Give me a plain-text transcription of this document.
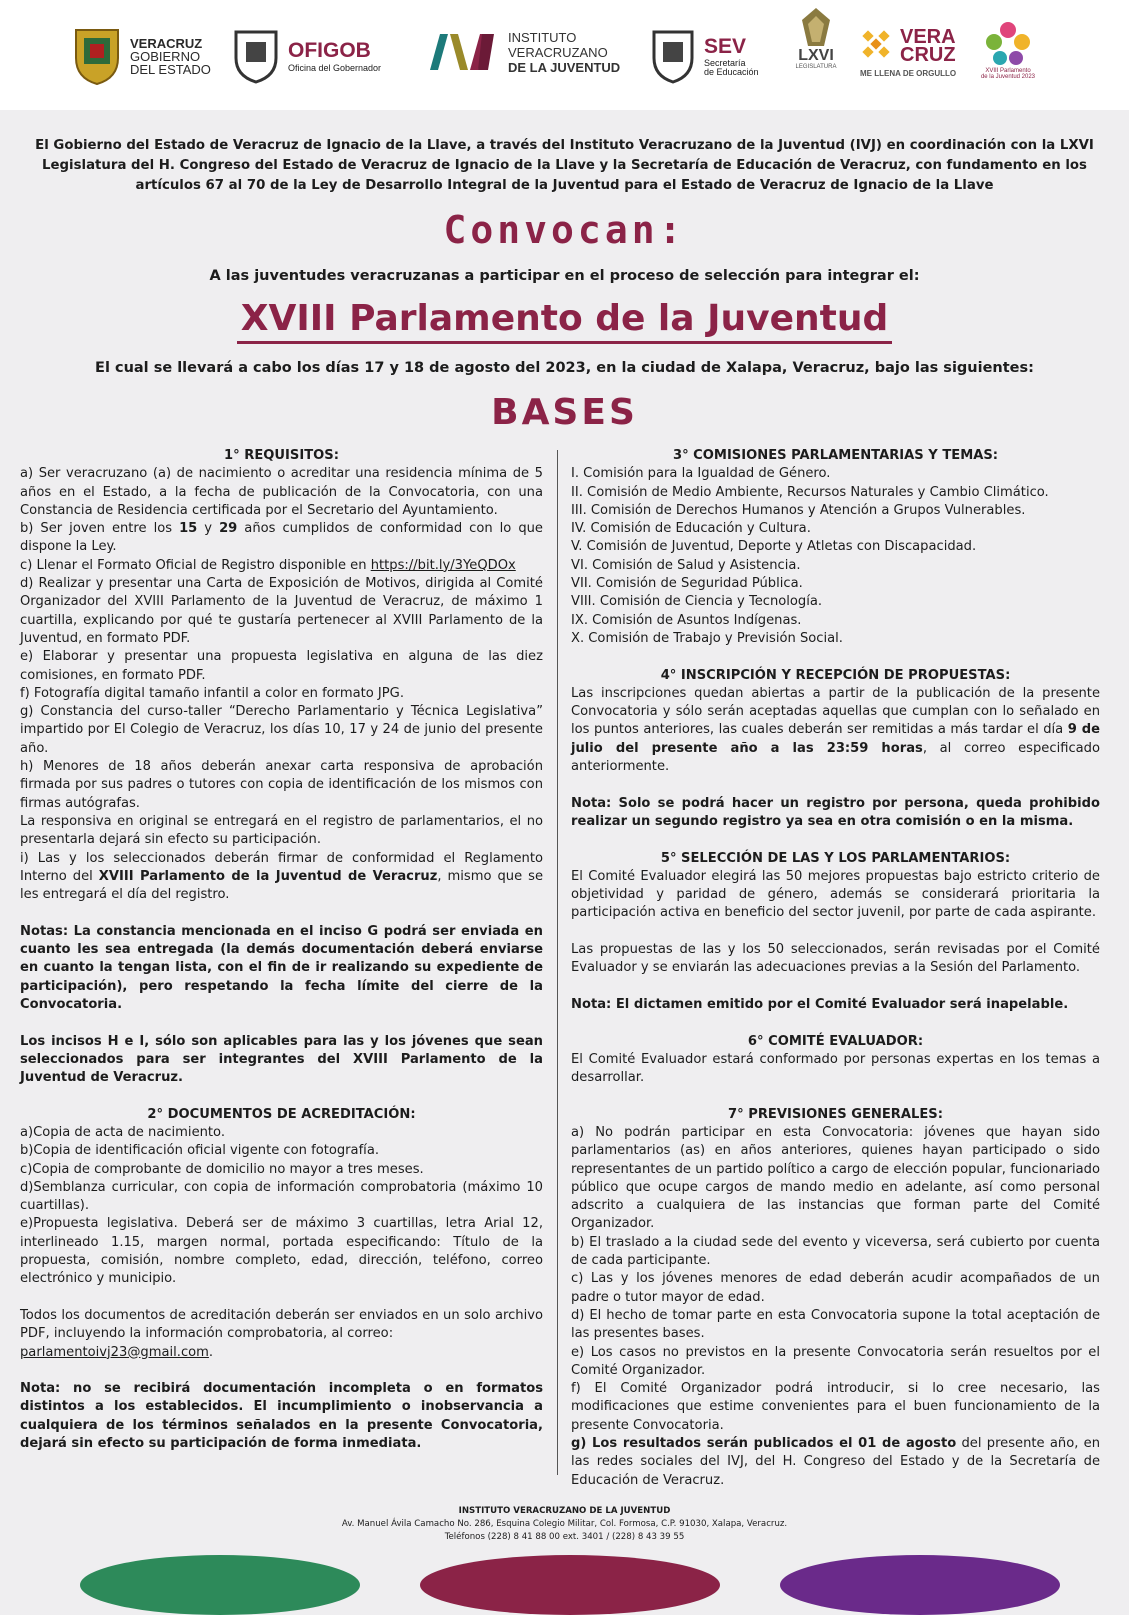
VERACRUZ
GOBIERNO
DEL ESTADO
OFIGOB
Oficina del Gobernador
INSTITUTO
VERACRUZANO
DE LA JUVENTUD
SEV
Secretaría
de Educación
LXVI
LEGISLATURA
VERA
CRUZ
ME LLENA DE ORGULLO	XVIII Parlamento
de la Juventud 2023
El Gobierno del Estado de Veracruz de Ignacio de la Llave, a través del Instituto Veracruzano de la Juventud (IVJ) en coordinación con la LXVI Legislatura del H. Congreso del Estado de Veracruz de Ignacio de la Llave y la Secretaría de Educación de Veracruz, con fundamento en los artículos 67 al 70 de la Ley de Desarrollo Integral de la Juventud para el Estado de Veracruz de Ignacio de la Llave
Convocan:
A las juventudes veracruzanas a participar en el proceso de selección para integrar el:
XVIII Parlamento de la Juventud
El cual se llevará a cabo los días 17 y 18 de agosto del 2023, en la ciudad de Xalapa, Veracruz, bajo las siguientes:
BASES

1° REQUISITOS:

a) Ser veracruzano (a) de nacimiento o acreditar una residencia mínima de 5 años en el Estado, a la fecha de publicación de la Convocatoria, con una Constancia de Residencia certificada por el Secretario del Ayuntamiento.

b) Ser joven entre los 15 y 29 años cumplidos de conformidad con lo que dispone la Ley.

c) Llenar el Formato Oficial de Registro disponible en https://bit.ly/3YeQDOx

d) Realizar y presentar una Carta de Exposición de Motivos, dirigida al Comité Organizador del XVIII Parlamento de la Juventud de Veracruz, de máximo 1 cuartilla, explicando por qué te gustaría pertenecer al XVIII Parlamento de la Juventud, en formato PDF.

e) Elaborar y presentar una propuesta legislativa en alguna de las diez comisiones, en formato PDF.

f) Fotografía digital tamaño infantil a color en formato JPG.

g) Constancia del curso-taller “Derecho Parlamentario y Técnica Legislativa” impartido por El Colegio de Veracruz, los días 10, 17 y 24 de junio del presente año.

h) Menores de 18 años deberán anexar carta responsiva de aprobación firmada por sus padres o tutores con copia de identificación de los mismos con firmas autógrafas.

La responsiva en original se entregará en el registro de parlamentarios, el no presentarla dejará sin efecto su participación.

i) Las y los seleccionados deberán firmar de conformidad el Reglamento Interno del XVIII Parlamento de la Juventud de Veracruz, mismo que se les entregará el día del registro.

Notas: La constancia mencionada en el inciso G podrá ser enviada en cuanto les sea entregada (la demás documentación deberá enviarse en cuanto la tengan lista, con el fin de ir realizando su expediente de participación), pero respetando la fecha límite del cierre de la Convocatoria.

Los incisos H e I, sólo son aplicables para las y los jóvenes que sean seleccionados para ser integrantes del XVIII Parlamento de la Juventud de Veracruz.

2° DOCUMENTOS DE ACREDITACIÓN:

a)Copia de acta de nacimiento.

b)Copia de identificación oficial vigente con fotografía.

c)Copia de comprobante de domicilio no mayor a tres meses.

d)Semblanza curricular, con copia de información comprobatoria (máximo 10 cuartillas).

e)Propuesta legislativa. Deberá ser de máximo 3 cuartillas, letra Arial 12, interlineado 1.15, margen normal, portada especificando: Título de la propuesta, comisión, nombre completo, edad, dirección, teléfono, correo electrónico y municipio.

Todos los documentos de acreditación deberán ser enviados en un solo archivo PDF, incluyendo la información comprobatoria, al correo:
parlamentoivj23@gmail.com.

Nota: no se recibirá documentación incompleta o en formatos distintos a los establecidos. El incumplimiento o inobservancia a cualquiera de los términos señalados en la presente Convocatoria, dejará sin efecto su participación de forma inmediata.

3° COMISIONES PARLAMENTARIAS Y TEMAS:

I. Comisión para la Igualdad de Género.

II. Comisión de Medio Ambiente, Recursos Naturales y Cambio Climático.

III. Comisión de Derechos Humanos y Atención a Grupos Vulnerables.

IV. Comisión de Educación y Cultura.

V. Comisión de Juventud, Deporte y Atletas con Discapacidad.

VI. Comisión de Salud y Asistencia.

VII. Comisión de Seguridad Pública.

VIII. Comisión de Ciencia y Tecnología.

IX. Comisión de Asuntos Indígenas.

X. Comisión de Trabajo y Previsión Social.

4° INSCRIPCIÓN Y RECEPCIÓN DE PROPUESTAS:

Las inscripciones quedan abiertas a partir de la publicación de la presente Convocatoria y sólo serán aceptadas aquellas que cumplan con lo señalado en los puntos anteriores, las cuales deberán ser remitidas a más tardar el día 9 de julio del presente año a las 23:59 horas, al correo especificado anteriormente.

Nota: Solo se podrá hacer un registro por persona, queda prohibido realizar un segundo registro ya sea en otra comisión o en la misma.

5° SELECCIÓN DE LAS Y LOS PARLAMENTARIOS:

El Comité Evaluador elegirá las 50 mejores propuestas bajo estricto criterio de objetividad y paridad de género, además se considerará prioritaria la participación activa en beneficio del sector juvenil, por parte de cada aspirante.

Las propuestas de las y los 50 seleccionados, serán revisadas por el Comité Evaluador y se enviarán las adecuaciones previas a la Sesión del Parlamento.

Nota: El dictamen emitido por el Comité Evaluador será inapelable.

6° COMITÉ EVALUADOR:

El Comité Evaluador estará conformado por personas expertas en los temas a desarrollar.

7° PREVISIONES GENERALES:

a) No podrán participar en esta Convocatoria: jóvenes que hayan sido parlamentarios (as) en años anteriores, quienes hayan participado o sido representantes de un partido político a cargo de elección popular, funcionariado público que ocupe cargos de mando medio en adelante, así como personal adscrito a cualquiera de las instancias que forman parte del Comité Organizador.

b) El traslado a la ciudad sede del evento y viceversa, será cubierto por cuenta de cada participante.

c) Las y los jóvenes menores de edad deberán acudir acompañados de un padre o tutor mayor de edad.

d) El hecho de tomar parte en esta Convocatoria supone la total aceptación de las presentes bases.

e) Los casos no previstos en la presente Convocatoria serán resueltos por el Comité Organizador.

f) El Comité Organizador podrá introducir, si lo cree necesario, las modificaciones que estime convenientes para el buen funcionamiento de la presente Convocatoria.

g) Los resultados serán publicados el 01 de agosto del presente año, en las redes sociales del IVJ, del H. Congreso del Estado y de la Secretaría de Educación de Veracruz.

INSTITUTO VERACRUZANO DE LA JUVENTUD
Av. Manuel Ávila Camacho No. 286, Esquina Colegio Militar, Col. Formosa, C.P. 91030, Xalapa, Veracruz.
Teléfonos (228) 8 41 88 00 ext. 3401 / (228) 8 43 39 55
